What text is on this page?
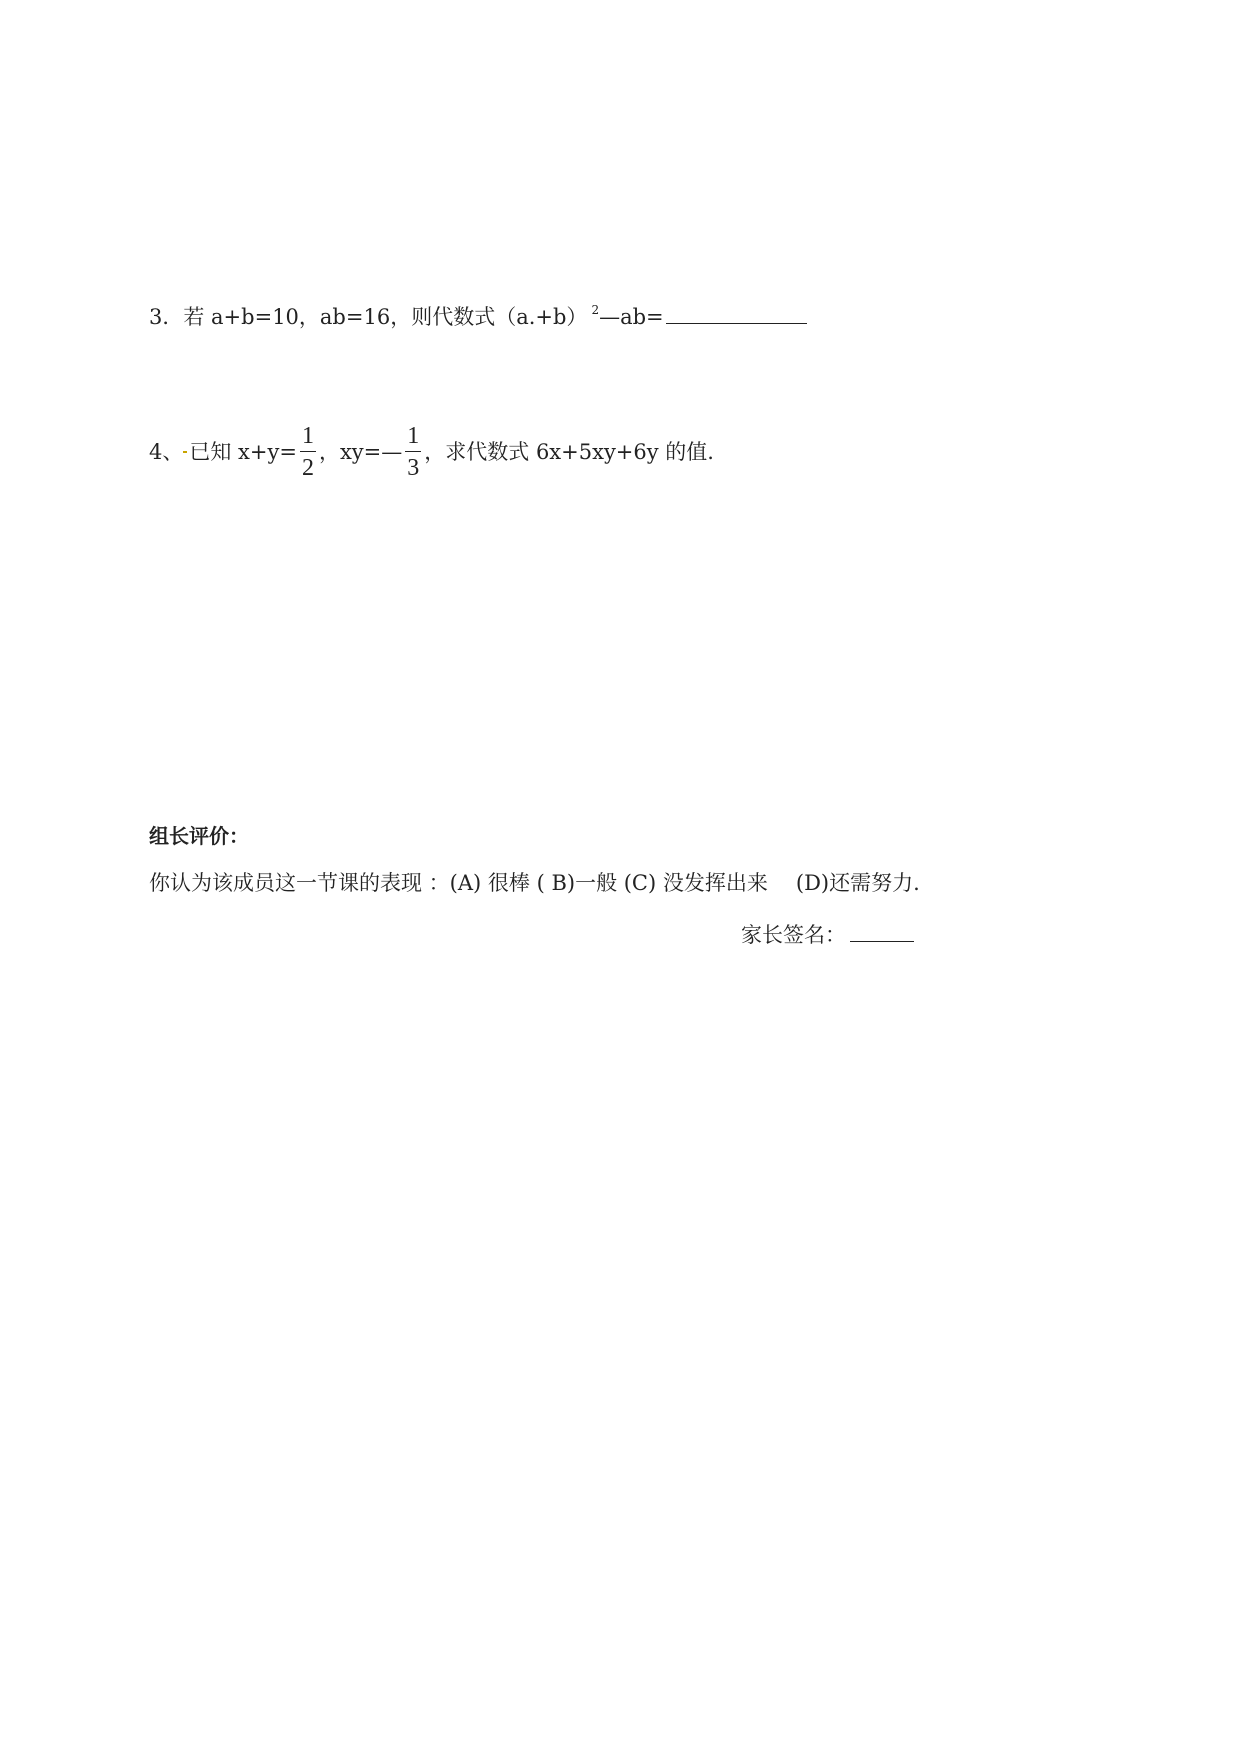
3．若 a+b=10，ab=16，则代数式（a.+b） $^2$—ab=
4、 已知 $x+y= \frac{1}{2}$ ，xy= — $\frac{1}{3}$ ，求代数式 6x+5xy+6y 的值.
组长评价：
你认为该成员这一节课的表现 ：(A) 很棒 ( B)一般 (C) 没发挥出来 (D)还需努力.
家长签名：
